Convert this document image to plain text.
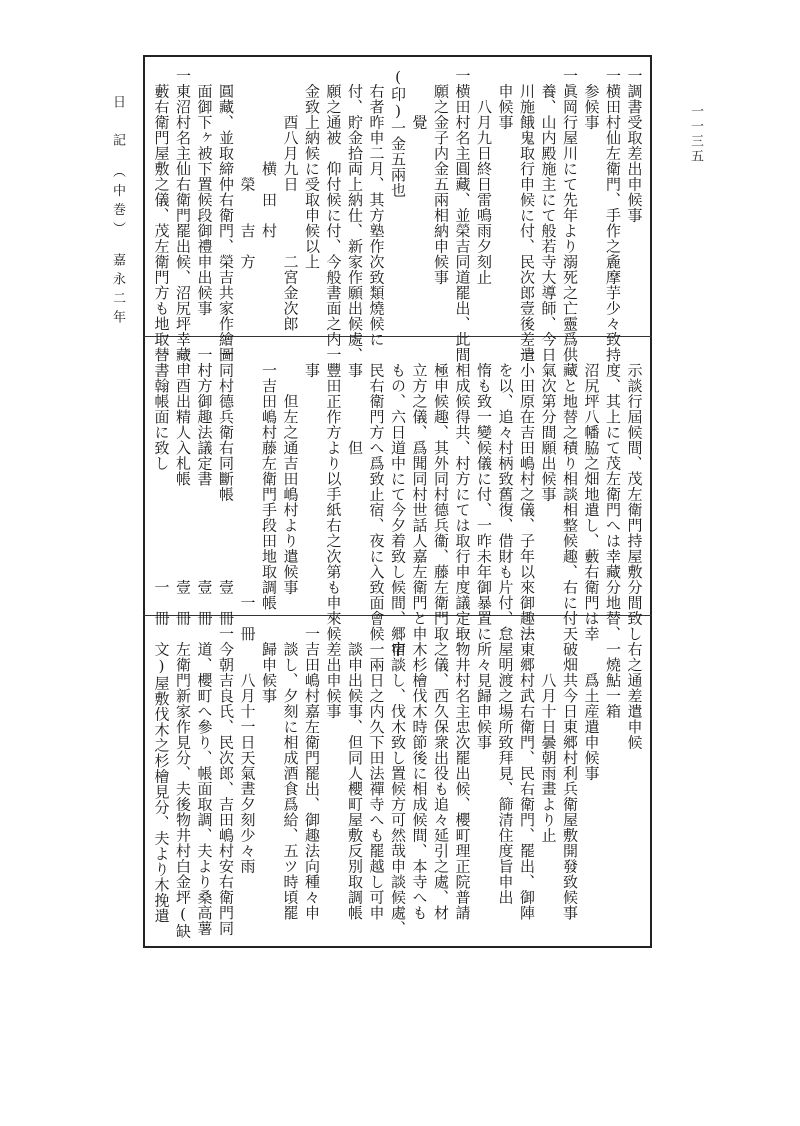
日　記　（中巻）　嘉永二年
一一三五
一調書受取差出申候事
一横田村仙左衛門、手作之麁摩芋少々致持
　参候事
一眞岡行屋川にて先年より溺死之亡靈爲供
　養、山内殿施主にて般若寺大導師、今日
　川施餓鬼取行申候に付、民次郎壹後差遣
　申候事
　　八月九日終日雷鳴雨夕刻止
一横田村名主圓藏、並榮吉同道罷出、此間
　願之金子内金五兩相納申候事
　　　覺
(印)一金五兩也
　右者昨申二月、其方塾作次致類燒候に
　付、貯金拾両上納仕、新家作願出候處、
　願之通被　仰付候に付、今般書面之内
　金致上納候に受取申候以上
　　　酉八月九日　　　　二宮金次郎
　　　　　　横　田　村
　　　　　　　榮　　吉　方
　圓藏、並取締仲右衛門、榮吉共家作繪圖
　面御下ヶ被下置候段御禮申出候事
一東沼村名主仙右衛門罷出候、沼尻坪幸藏、
　藪右衛門屋敷之儀、茂左衛門方も地取替
　示談行屆候間、茂左衛門持屋敷分間致し
　度、其上にて茂左衛門へは幸藏分地替、
　沼尻坪八幡脇之畑地遣し、藪右衛門は幸
　藏と地替之積り相談相整候趣、右に付天
　氣次第分間願出候事
一小田原在吉田嶋村之儀、子年以來御趣法
　を以、追々村柄致舊復、借財も片付、怠
　惰も致一變候儀に付、一昨未年御暴置に
　相成候得共、村方にては取行申度議定取
　極申候趣、其外同村德兵衞、藤左衛門取
　立方之儀、爲聞同村世話人嘉左衛門と申
　もの、六日道中にて今夕着致し候間、郷宿
　民右衛門方へ爲致止宿、夜に入致面會候
　事　　　　但
一豐田正作方より以手紙右之次第も申來候
　事
　　　但左之通吉田嶋村より遣候事
　一吉田嶋村藤左衛門手段田地取調帳
　　　　　　　　　　　　　　　　一　冊
一同村德兵衛右同斷帳　　　　　壹　冊
一村方御趣法議定書　　　　　　壹　冊
一申酉出精人入札帳　　　　　　壹　冊
一書翰帳面に致し　　　　　　　一　冊
　右之通差遣申候
　一燒鮎一箱
　　　爲土産遣申候事
一破畑共今日東郷村利兵衛屋敷開發致候事
　　　八月十日曇朝雨畫より止
一東郷村武右衛門、民右衛門、罷出、御陣
　屋明渡之場所致拜見、篩清住度旨申出
　所々見歸申候事
一物井村名主忠次罷出候、櫻町理正院普請
　之儀、西久保衆出役も追々延引之處、材
　木杉檜伐木時節後に相成候間、本寺へも
　申談し、伐木致し置候方可然哉申談候處、
　一兩日之内久下田法禪寺へも罷越し可申
　談申出候事、但同人櫻町屋敷反別取調帳
　差出申候事
一吉田嶋村嘉左衛門罷出、御趣法向種々申
　談し、夕刻に相成酒食爲給、五ツ時頃罷
　歸申候事
　　　八月十一日天氣晝夕刻少々雨
一今朝吉良氏、民次郎、吉田嶋村安右衛門同
　道、櫻町へ參り、帳面取調、夫より桑高薯
　左衛門新家作見分、夫後物井村白金坪(缺
　文)屋敷伐木之杉檜見分、夫より木挽遣
